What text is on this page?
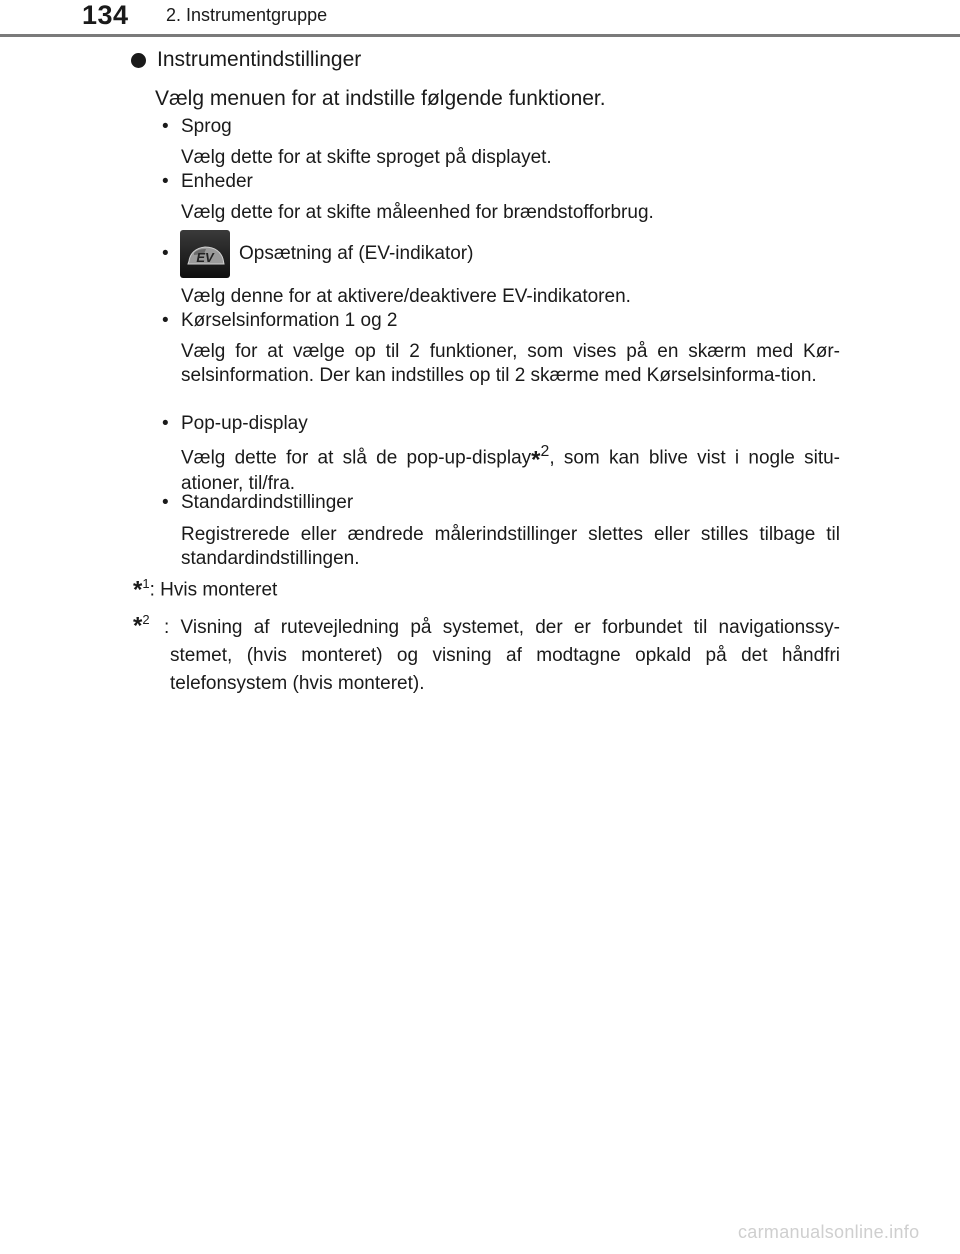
134 2. Instrumentgruppe
Instrumentindstillinger
Vælg menuen for at indstille følgende funktioner.
• Sprog
Vælg dette for at skifte sproget på displayet.
• Enheder
Vælg dette for at skifte måleenhed for brændstofforbrug.
• EV Opsætning af (EV-indikator)
Vælg denne for at aktivere/deaktivere EV-indikatoren.
• Kørselsinformation 1 og 2
Vælg for at vælge op til 2 funktioner, som vises på en skærm med Kør-selsinformation. Der kan indstilles op til 2 skærme med Kørselsinforma-tion.
• Pop-up-display
Vælg dette for at slå de pop-up-display*$^2$, som kan blive vist i nogle situ-ationer, til/fra.
• Standardindstillinger
Registrerede eller ændrede målerindstillinger slettes eller stilles tilbage til standardindstillingen.
*$^1$: Hvis monteret
*$^2$ : Visning af rutevejledning på systemet, der er forbundet til navigationssy-stemet, (hvis monteret) og visning af modtagne opkald på det håndfri telefonsystem (hvis monteret).
carmanualsonline.info
